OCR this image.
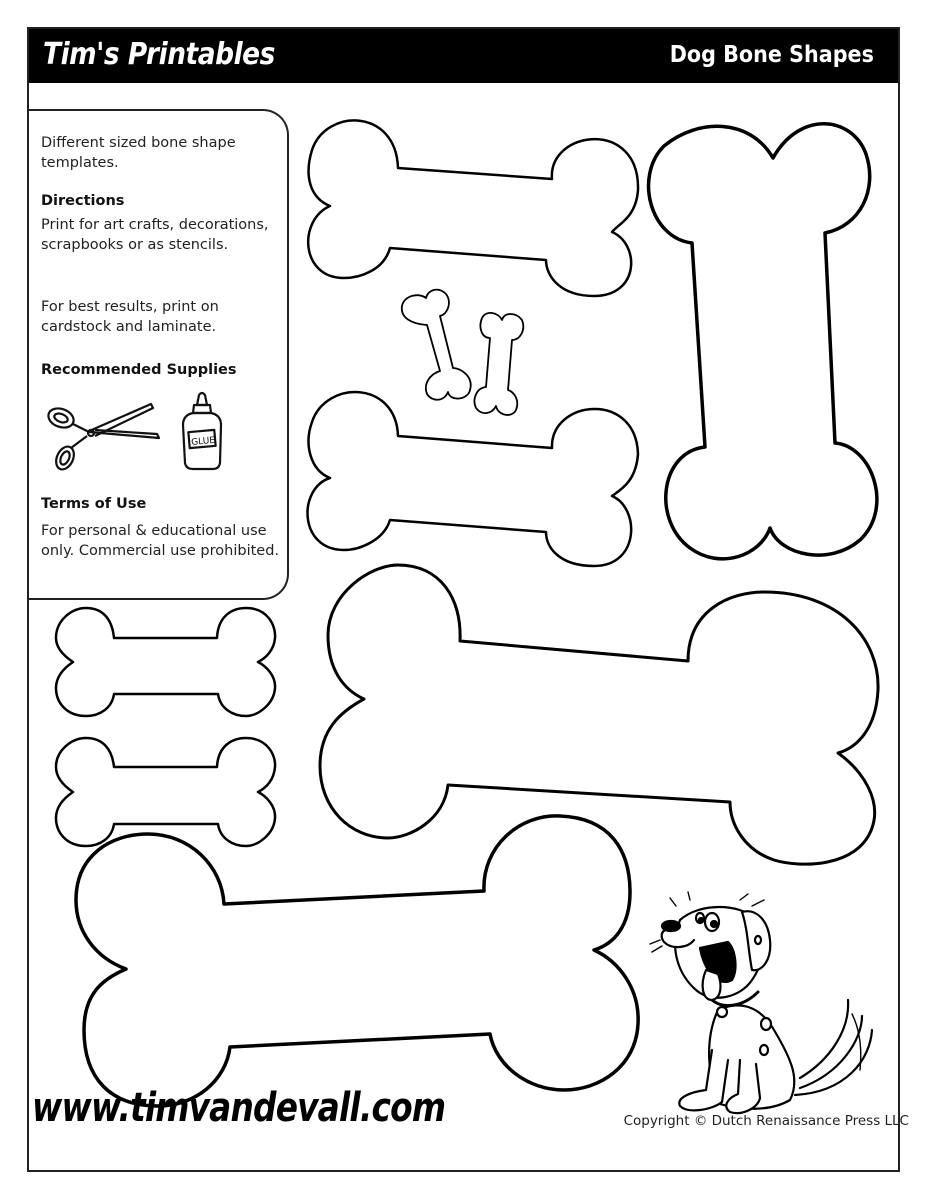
Tim's Printables	Dog Bone Shapes
Different sized bone shape templates.
Directions
Print for art crafts, decorations, scrapbooks or as stencils.
For best results, print on cardstock and laminate.
Recommended Supplies
GLUE
Terms of Use
For personal & educational use only. Commercial use prohibited.
www.timvandevall.com	Copyright © Dutch Renaissance Press LLC
